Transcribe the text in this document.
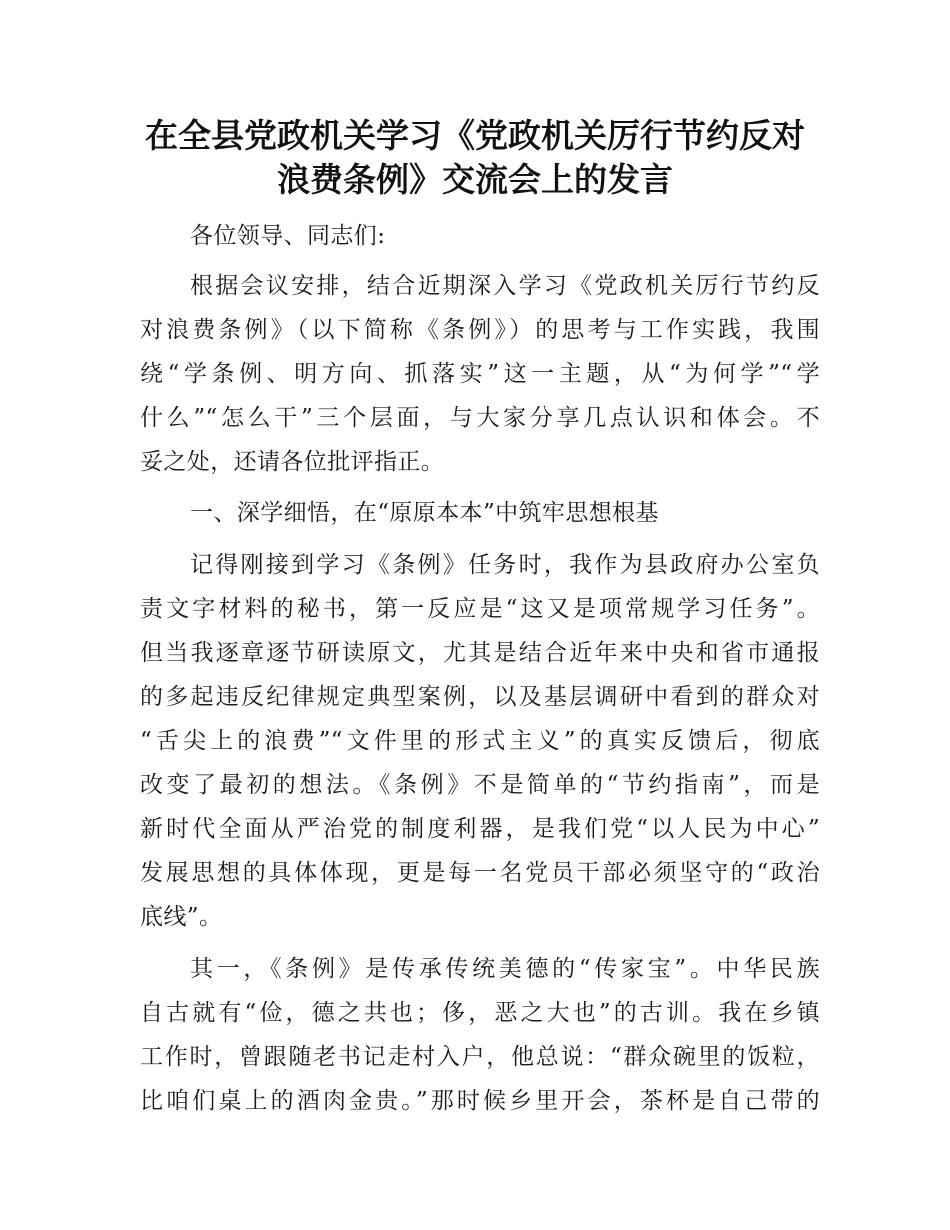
在全县党政机关学习《党政机关厉行节约反对
浪费条例》交流会上的发言

各位领导、同志们:

根据会议安排，结合近期深入学习《党政机关厉行节约反

对浪费条例》（以下简称《条例》）的思考与工作实践，我围

绕“学条例、明方向、抓落实”这一主题，从“为何学”“学

什么”“怎么干”三个层面，与大家分享几点认识和体会。不

妥之处，还请各位批评指正。

一、深学细悟，在“原原本本”中筑牢思想根基

记得刚接到学习《条例》任务时，我作为县政府办公室负

责文字材料的秘书，第一反应是“这又是项常规学习任务”。

但当我逐章逐节研读原文，尤其是结合近年来中央和省市通报

的多起违反纪律规定典型案例，以及基层调研中看到的群众对

“舌尖上的浪费”“文件里的形式主义”的真实反馈后，彻底

改变了最初的想法。《条例》不是简单的“节约指南”，而是

新时代全面从严治党的制度利器，是我们党“以人民为中心”

发展思想的具体体现，更是每一名党员干部必须坚守的“政治

底线”。

其一，《条例》是传承传统美德的“传家宝”。中华民族

自古就有“俭，德之共也；侈，恶之大也”的古训。我在乡镇

工作时，曾跟随老书记走村入户，他总说：“群众碗里的饭粒，

比咱们桌上的酒肉金贵。”那时候乡里开会，茶杯是自己带的
